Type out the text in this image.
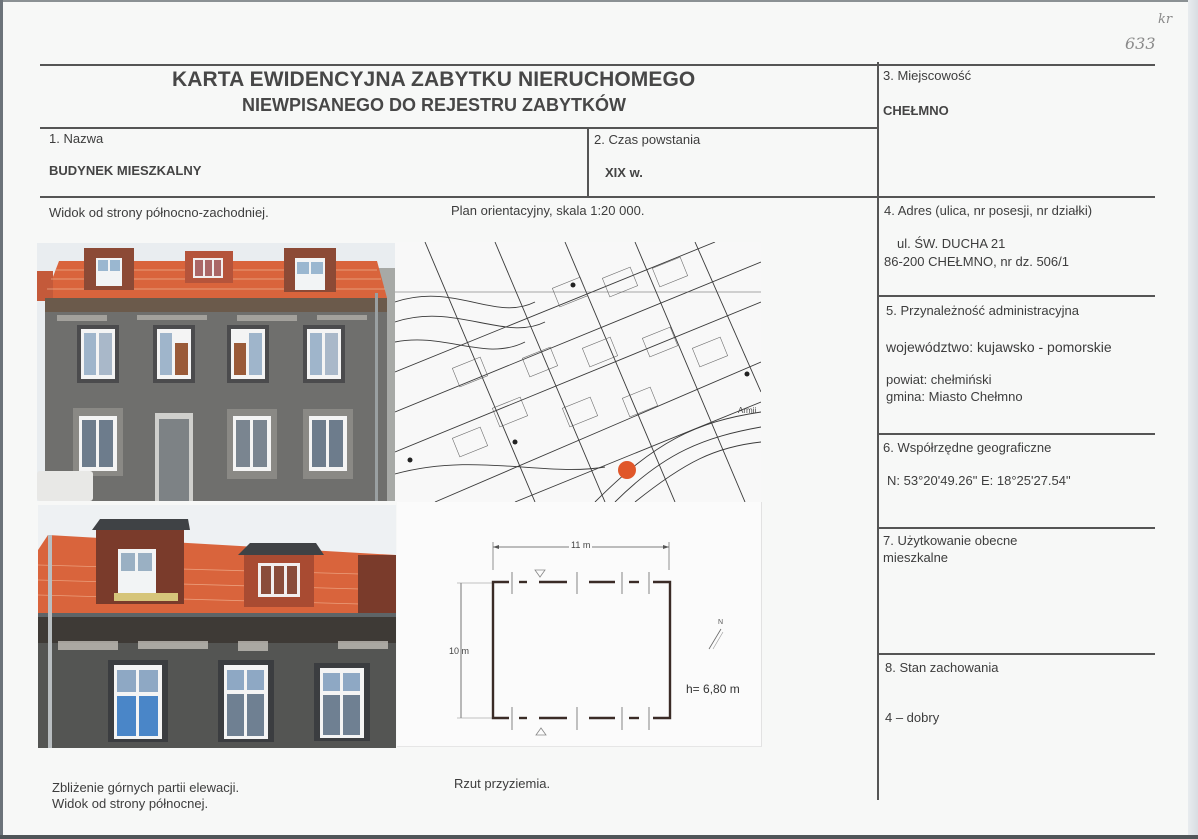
kr
633
KARTA EWIDENCYJNA ZABYTKU NIERUCHOMEGO
NIEWPISANEGO DO REJESTRU ZABYTKÓW
1. Nazwa
BUDYNEK MIESZKALNY
2. Czas powstania
XIX w.
3. Miejscowość
CHEŁMNO
4. Adres (ulica, nr posesji, nr działki)
ul. ŚW. DUCHA 21
86-200 CHEŁMNO, nr dz. 506/1
5. Przynależność administracyjna
województwo: kujawsko - pomorskie
powiat: chełmiński
gmina: Miasto Chełmno
6. Współrzędne geograficzne
N: 53°20'49.26" E: 18°25'27.54"
7. Użytkowanie obecne
mieszkalne
8. Stan zachowania
4 – dobry
Widok od strony północno-zachodniej.	Plan orientacyjny, skala 1:20 000.
Zbliżenie górnych partii elewacji.
Widok od strony północnej.
Rzut przyziemia.
Armii
11 m
10 m
h= 6,80 m
N
